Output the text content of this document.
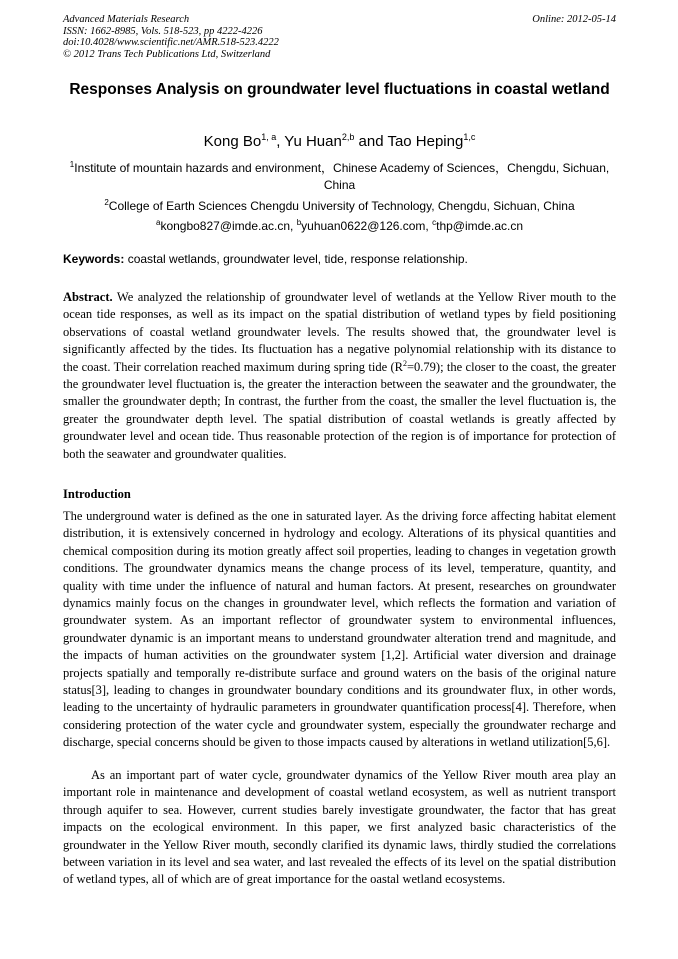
Advanced Materials Research
ISSN: 1662-8985, Vols. 518-523, pp 4222-4226
doi:10.4028/www.scientific.net/AMR.518-523.4222
© 2012 Trans Tech Publications Ltd, Switzerland
Online: 2012-05-14
Responses Analysis on groundwater level fluctuations in coastal wetland
Kong Bo$^{1, a}$, Yu Huan$^{2,b}$ and Tao Heping$^{1,c}$
$^1$Institute of mountain hazards and environment，Chinese Academy of Sciences，Chengdu, Sichuan, China
$^2$College of Earth Sciences Chengdu University of Technology, Chengdu, Sichuan, China
$^a$kongbo827@imde.ac.cn, $^b$yuhuan0622@126.com, $^c$thp@imde.ac.cn
Keywords: coastal wetlands, groundwater level, tide, response relationship.
Abstract. We analyzed the relationship of groundwater level of wetlands at the Yellow River mouth to the ocean tide responses, as well as its impact on the spatial distribution of wetland types by field positioning observations of coastal wetland groundwater levels. The results showed that, the groundwater level is significantly affected by the tides. Its fluctuation has a negative polynomial relationship with its distance to the coast. Their correlation reached maximum during spring tide $(R^2=0.79)$; the closer to the coast, the greater the groundwater level fluctuation is, the greater the interaction between the seawater and the groundwater, the smaller the groundwater depth; In contrast, the further from the coast, the smaller the level fluctuation is, the greater the groundwater depth level. The spatial distribution of coastal wetlands is greatly affected by groundwater level and ocean tide. Thus reasonable protection of the region is of importance for protection of both the seawater and groundwater qualities.
Introduction
The underground water is defined as the one in saturated layer. As the driving force affecting habitat element distribution, it is extensively concerned in hydrology and ecology. Alterations of its physical quantities and chemical composition during its motion greatly affect soil properties, leading to changes in vegetation growth conditions. The groundwater dynamics means the change process of its level, temperature, quantity, and quality with time under the influence of natural and human factors. At present, researches on groundwater dynamics mainly focus on the changes in groundwater level, which reflects the formation and variation of groundwater system. As an important reflector of groundwater system to environmental influences, groundwater dynamic is an important means to understand groundwater alteration trend and magnitude, and the impacts of human activities on the groundwater system [1,2]. Artificial water diversion and drainage projects spatially and temporally re-distribute surface and ground waters on the basis of the original nature status[3], leading to changes in groundwater boundary conditions and its groundwater flux, in other words, leading to the uncertainty of hydraulic parameters in groundwater quantification process[4]. Therefore, when considering protection of the water cycle and groundwater system, especially the groundwater recharge and discharge, special concerns should be given to those impacts caused by alterations in wetland utilization[5,6].
As an important part of water cycle, groundwater dynamics of the Yellow River mouth area play an important role in maintenance and development of coastal wetland ecosystem, as well as nutrient transport through aquifer to sea. However, current studies barely investigate groundwater, the factor that has great impacts on the ecological environment. In this paper, we first analyzed basic characteristics of the groundwater in the Yellow River mouth, secondly clarified its dynamic laws, thirdly studied the correlations between variation in its level and sea water, and last revealed the effects of its level on the spatial distribution of wetland types, all of which are of great importance for the oastal wetland ecosystems.
